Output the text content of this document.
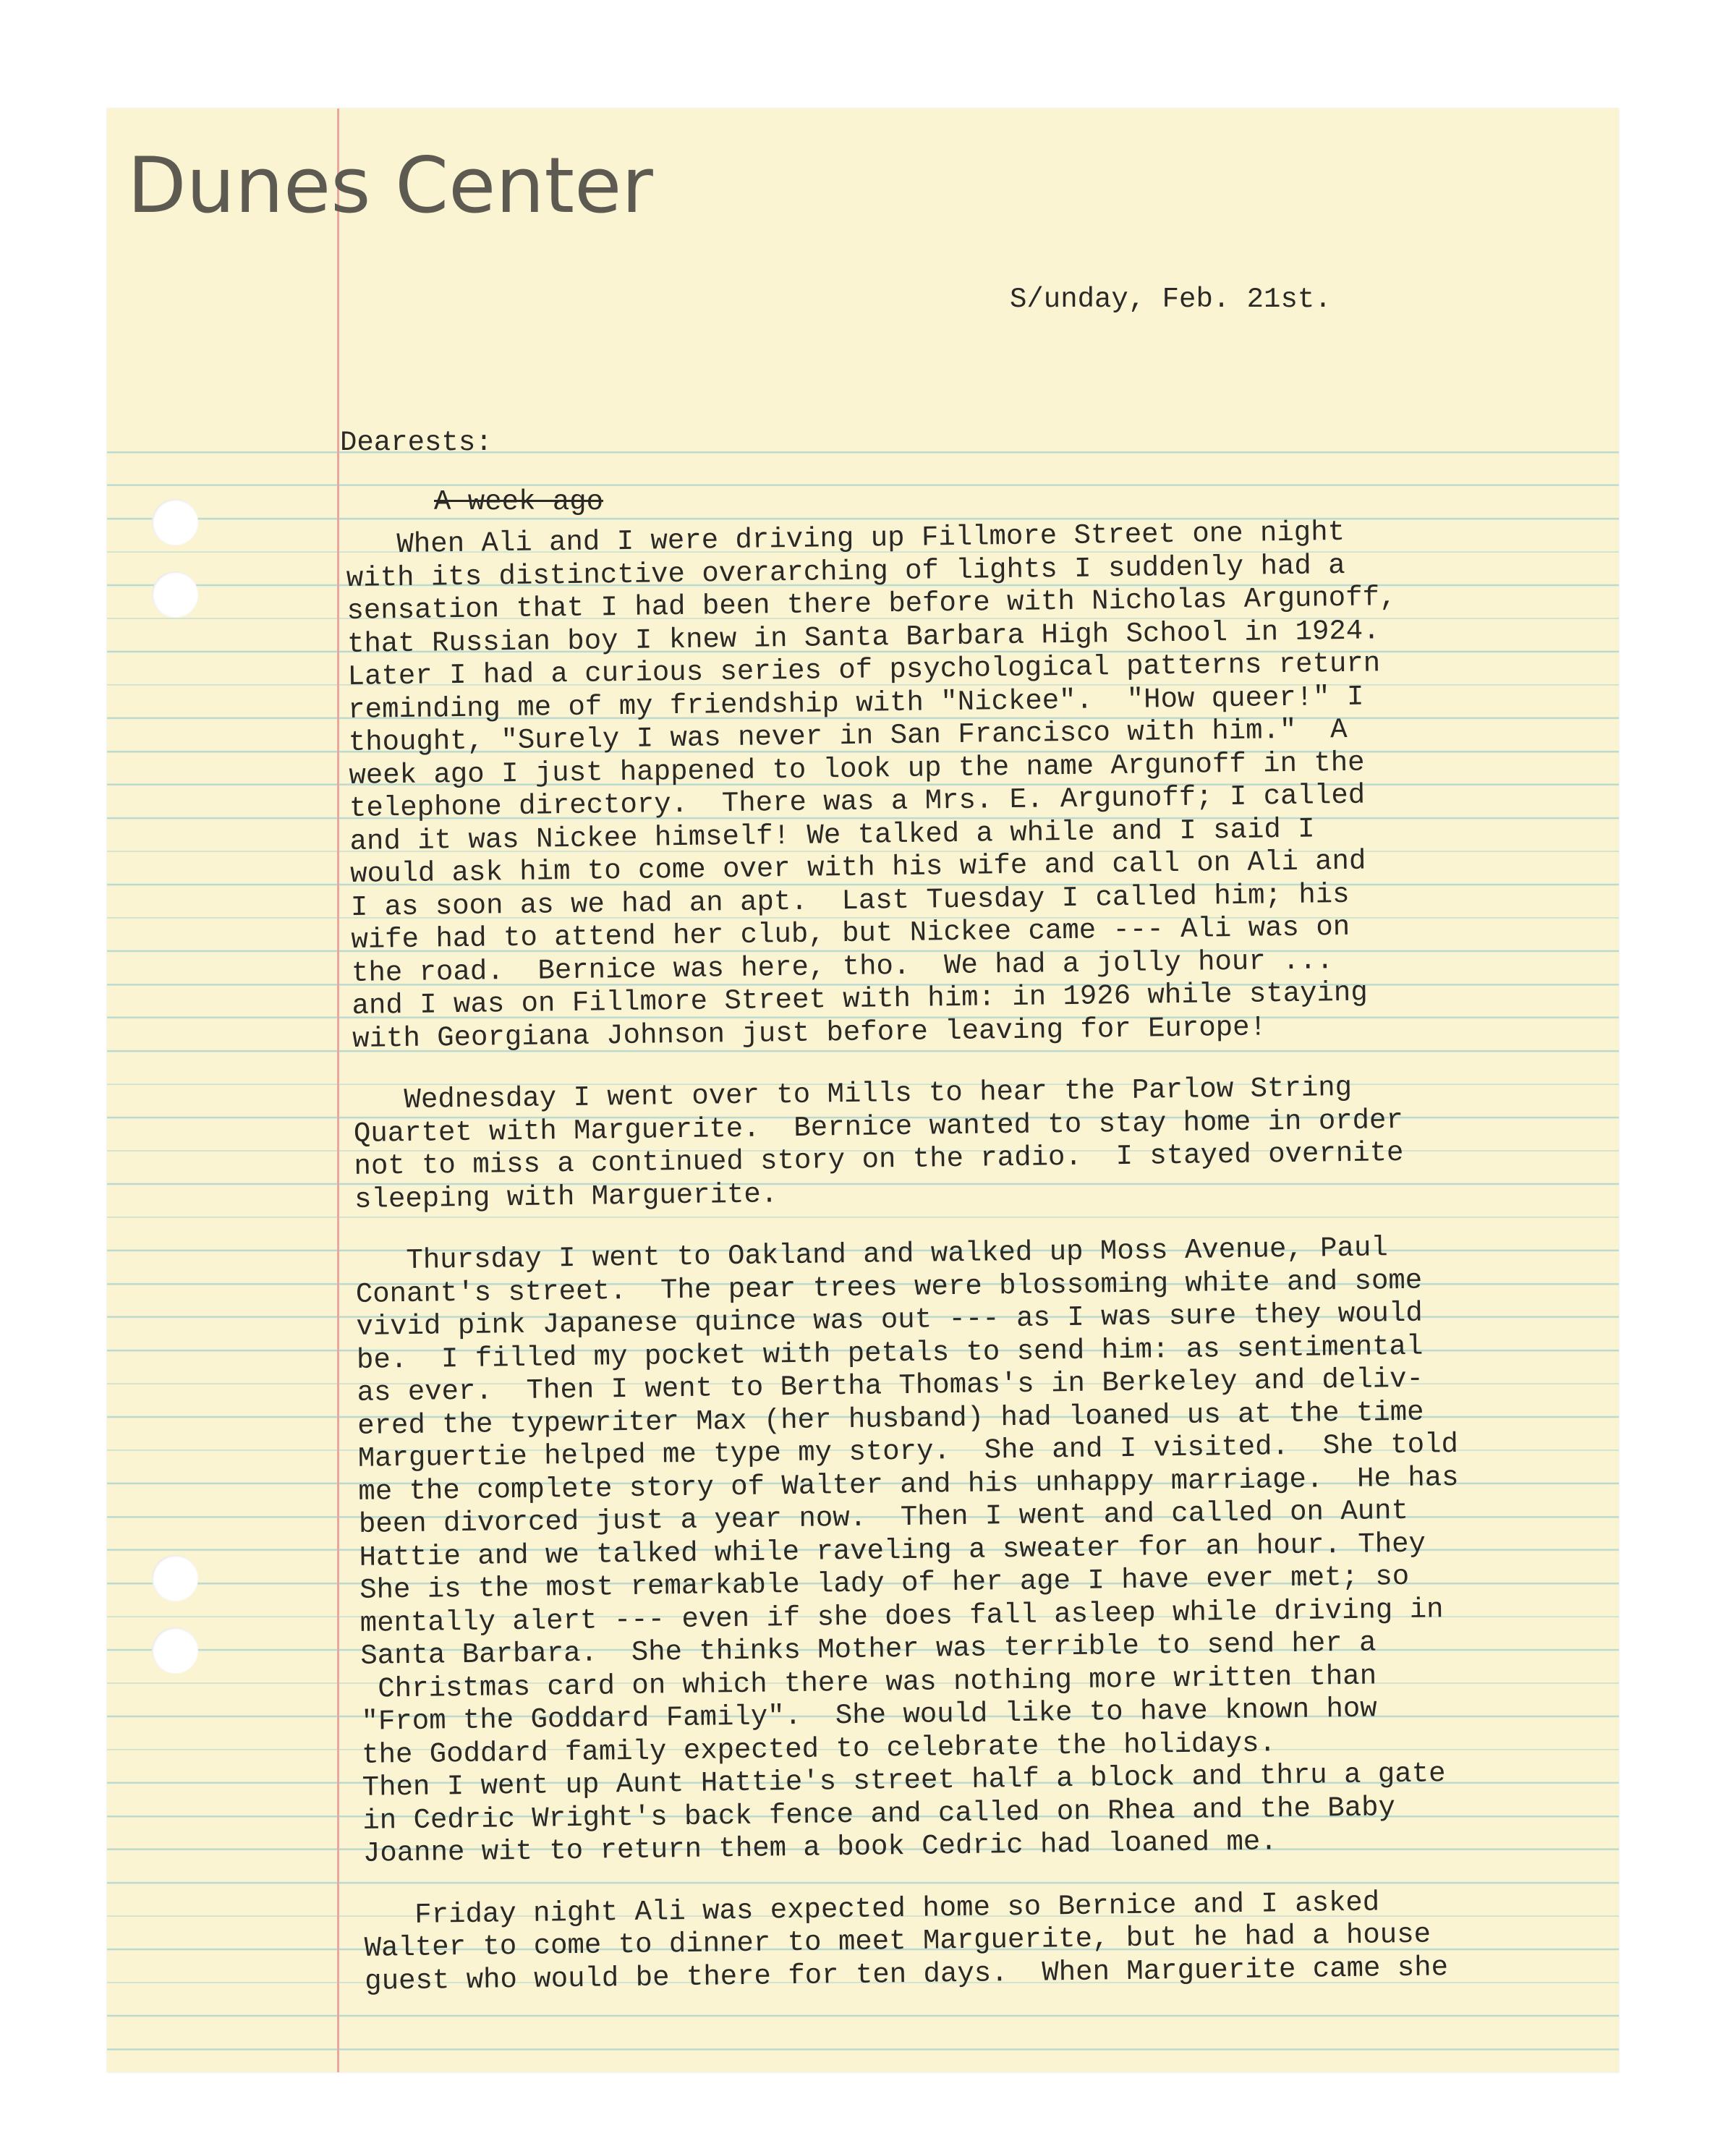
Dunes Center
S/unday, Feb. 21st.
Dearests:
A week ago
When Ali and I were driving up Fillmore Street one night
with its distinctive overarching of lights I suddenly had a
sensation that I had been there before with Nicholas Argunoff,
that Russian boy I knew in Santa Barbara High School in 1924.
Later I had a curious series of psychological patterns return
reminding me of my friendship with "Nickee".  "How queer!" I
thought, "Surely I was never in San Francisco with him."  A
week ago I just happened to look up the name Argunoff in the
telephone directory.  There was a Mrs. E. Argunoff; I called
and it was Nickee himself! We talked a while and I said I
would ask him to come over with his wife and call on Ali and
I as soon as we had an apt.  Last Tuesday I called him; his
wife had to attend her club, but Nickee came --- Ali was on
the road.  Bernice was here, tho.  We had a jolly hour ...
and I was on Fillmore Street with him: in 1926 while staying
with Georgiana Johnson just before leaving for Europe!
Wednesday I went over to Mills to hear the Parlow String
Quartet with Marguerite.  Bernice wanted to stay home in order
not to miss a continued story on the radio.  I stayed overnite
sleeping with Marguerite.
Thursday I went to Oakland and walked up Moss Avenue, Paul
Conant's street.  The pear trees were blossoming white and some
vivid pink Japanese quince was out --- as I was sure they would
be.  I filled my pocket with petals to send him: as sentimental
as ever.  Then I went to Bertha Thomas's in Berkeley and deliv-
ered the typewriter Max (her husband) had loaned us at the time
Marguertie helped me type my story.  She and I visited.  She told
me the complete story of Walter and his unhappy marriage.  He has
been divorced just a year now.  Then I went and called on Aunt
Hattie and we talked while raveling a sweater for an hour. They
She is the most remarkable lady of her age I have ever met; so
mentally alert --- even if she does fall asleep while driving in
Santa Barbara.  She thinks Mother was terrible to send her a
Christmas card on which there was nothing more written than
"From the Goddard Family".  She would like to have known how
the Goddard family expected to celebrate the holidays.
Then I went up Aunt Hattie's street half a block and thru a gate
in Cedric Wright's back fence and called on Rhea and the Baby
Joanne wit to return them a book Cedric had loaned me.
Friday night Ali was expected home so Bernice and I asked
Walter to come to dinner to meet Marguerite, but he had a house
guest who would be there for ten days.  When Marguerite came she
